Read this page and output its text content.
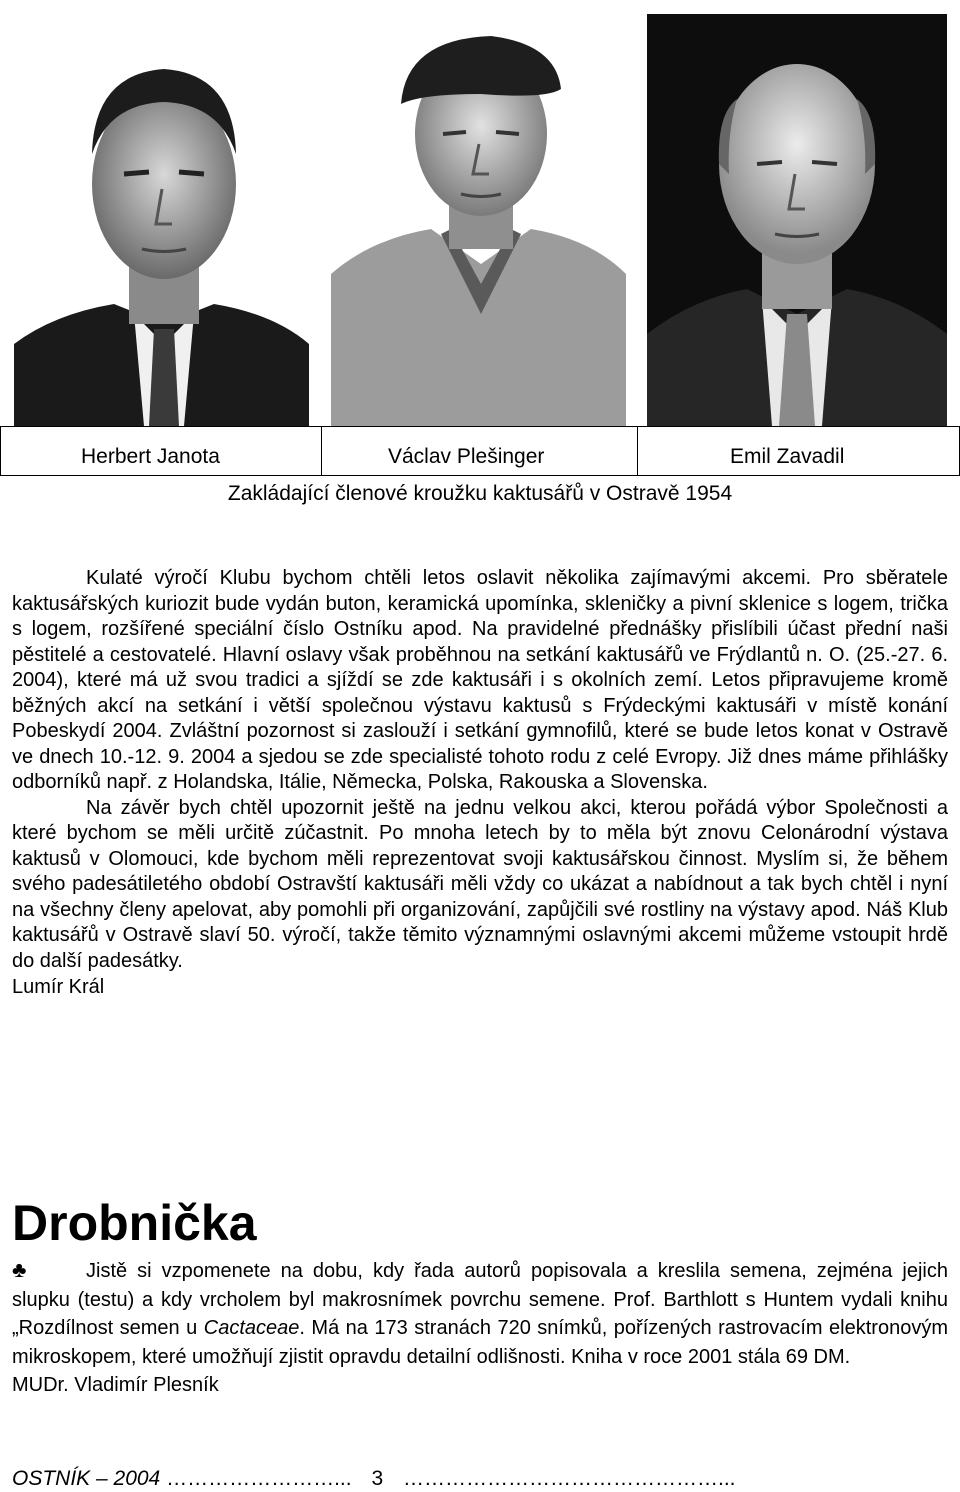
Herbert Janota	Václav Plešinger	Emil Zavadil
Zakládající členové kroužku kaktusářů v Ostravě 1954

Kulaté výročí Klubu bychom chtěli letos oslavit několika zajímavými akcemi. Pro sběratele kaktusářských kuriozit bude vydán buton, keramická upomínka, skleničky a pivní sklenice s logem, trička s logem, rozšířené speciální číslo Ostníku apod. Na pravidelné přednášky přislíbili účast přední naši pěstitelé a cestovatelé. Hlavní oslavy však proběhnou na setkání kaktusářů ve Frýdlantů n. O. (25.-27. 6. 2004), které má už svou tradici a sjíždí se zde kaktusáři i s okolních zemí. Letos připravujeme kromě běžných akcí na setkání i větší společnou výstavu kaktusů s Frýdeckými kaktusáři v místě konání Pobeskydí 2004. Zvláštní pozornost si zaslouží i setkání gymnofilů, které se bude letos konat v Ostravě ve dnech 10.-12. 9. 2004 a sjedou se zde specialisté tohoto rodu z celé Evropy. Již dnes máme přihlášky odborníků např. z Holandska, Itálie, Německa, Polska, Rakouska a Slovenska.

Na závěr bych chtěl upozornit ještě na jednu velkou akci, kterou pořádá výbor Společnosti a které bychom se měli určitě zúčastnit. Po mnoha letech by to měla být znovu Celonárodní výstava kaktusů v Olomouci, kde bychom měli reprezentovat svoji kaktusářskou činnost. Myslím si, že během svého padesátiletého období Ostravští kaktusáři měli vždy co ukázat a nabídnout a tak bych chtěl i nyní na všechny členy apelovat, aby pomohli při organizování, zapůjčili své rostliny na výstavy apod. Náš Klub kaktusářů v Ostravě slaví 50. výročí, takže těmito významnými oslavnými akcemi můžeme vstoupit hrdě do další padesátky.

Lumír Král
Drobnička

♣	Jistě si vzpomenete na dobu, kdy řada autorů popisovala a kreslila semena, zejména jejich slupku (testu) a kdy vrcholem byl makrosnímek povrchu semene. Prof. Barthlott s Huntem vydali knihu „Rozdílnost semen u Cactaceae. Má na 173 stranách 720 snímků, pořízených rastrovacím elektronovým mikroskopem, které umožňují zjistit opravdu detailní odlišnosti. Kniha v roce 2001 stála 69 DM.

MUDr. Vladimír Plesník
OSTNÍK – 2004 ……………………... 3 ………………………………………...
